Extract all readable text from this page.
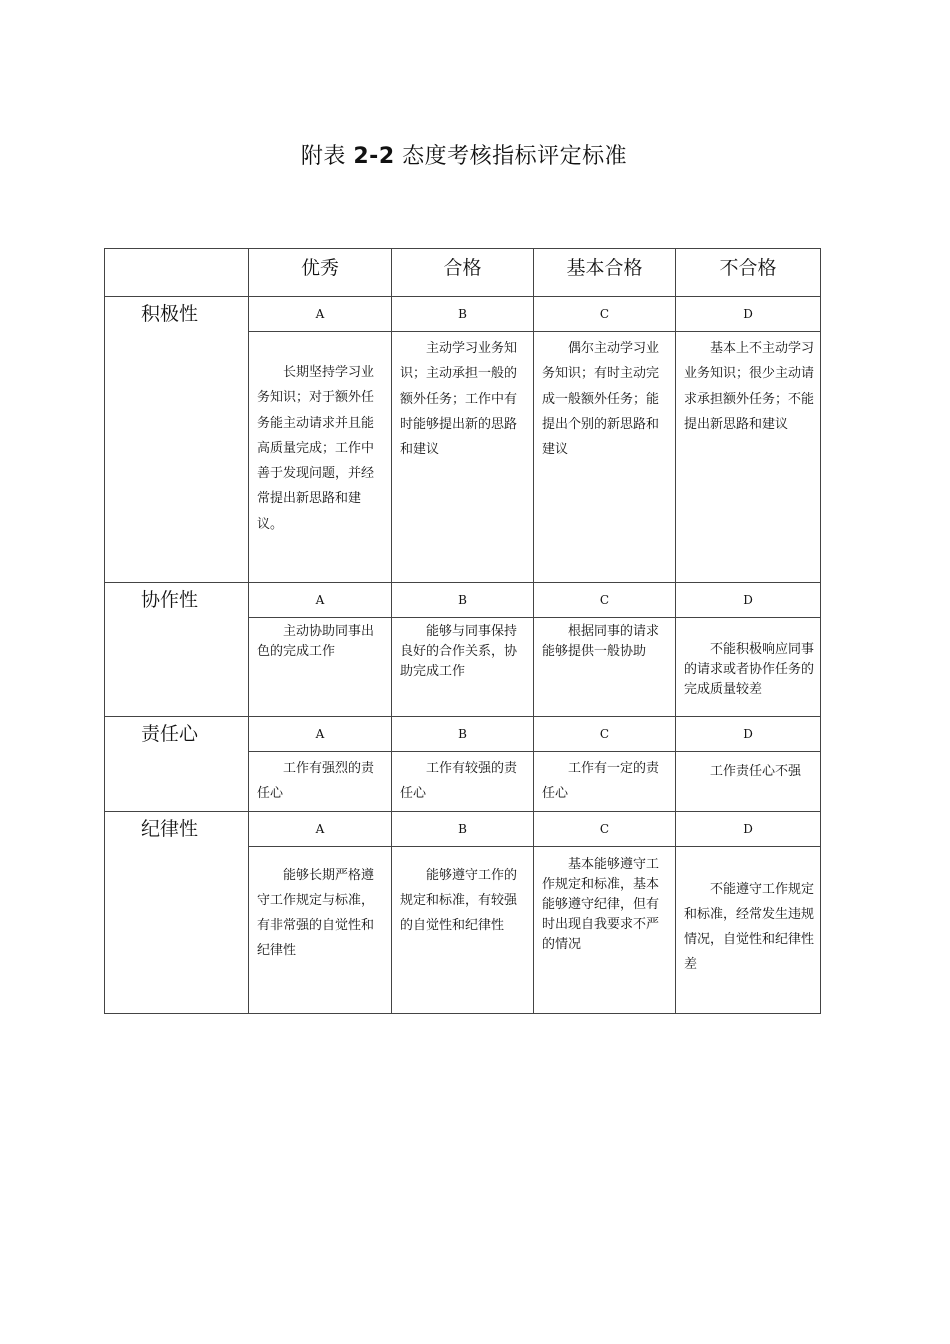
附表 2-2 态度考核指标评定标准
	优秀	合格	基本合格	不合格
积极性	A	B	C	D

	长期坚持学习业务知识；对于额外任务能主动请求并且能高质量完成；工作中善于发现问题，并经常提出新思路和建议。	主动学习业务知识；主动承担一般的额外任务；工作中有时能够提出新的思路和建议	偶尔主动学习业务知识；有时主动完成一般额外任务；能提出个别的新思路和建议	基本上不主动学习业务知识；很少主动请求承担额外任务；不能提出新思路和建议

协作性	A	B	C	D

	主动协助同事出色的完成工作	能够与同事保持良好的合作关系，协助完成工作	根据同事的请求能够提供一般协助	不能积极响应同事的请求或者协作任务的完成质量较差

责任心	A	B	C	D

	工作有强烈的责任心	工作有较强的责任心	工作有一定的责任心	工作责任心不强

纪律性	A	B	C	D

	能够长期严格遵守工作规定与标准，有非常强的自觉性和纪律性	能够遵守工作的规定和标准，有较强的自觉性和纪律性	基本能够遵守工作规定和标准，基本能够遵守纪律，但有时出现自我要求不严的情况	不能遵守工作规定和标准，经常发生违规情况，自觉性和纪律性差
